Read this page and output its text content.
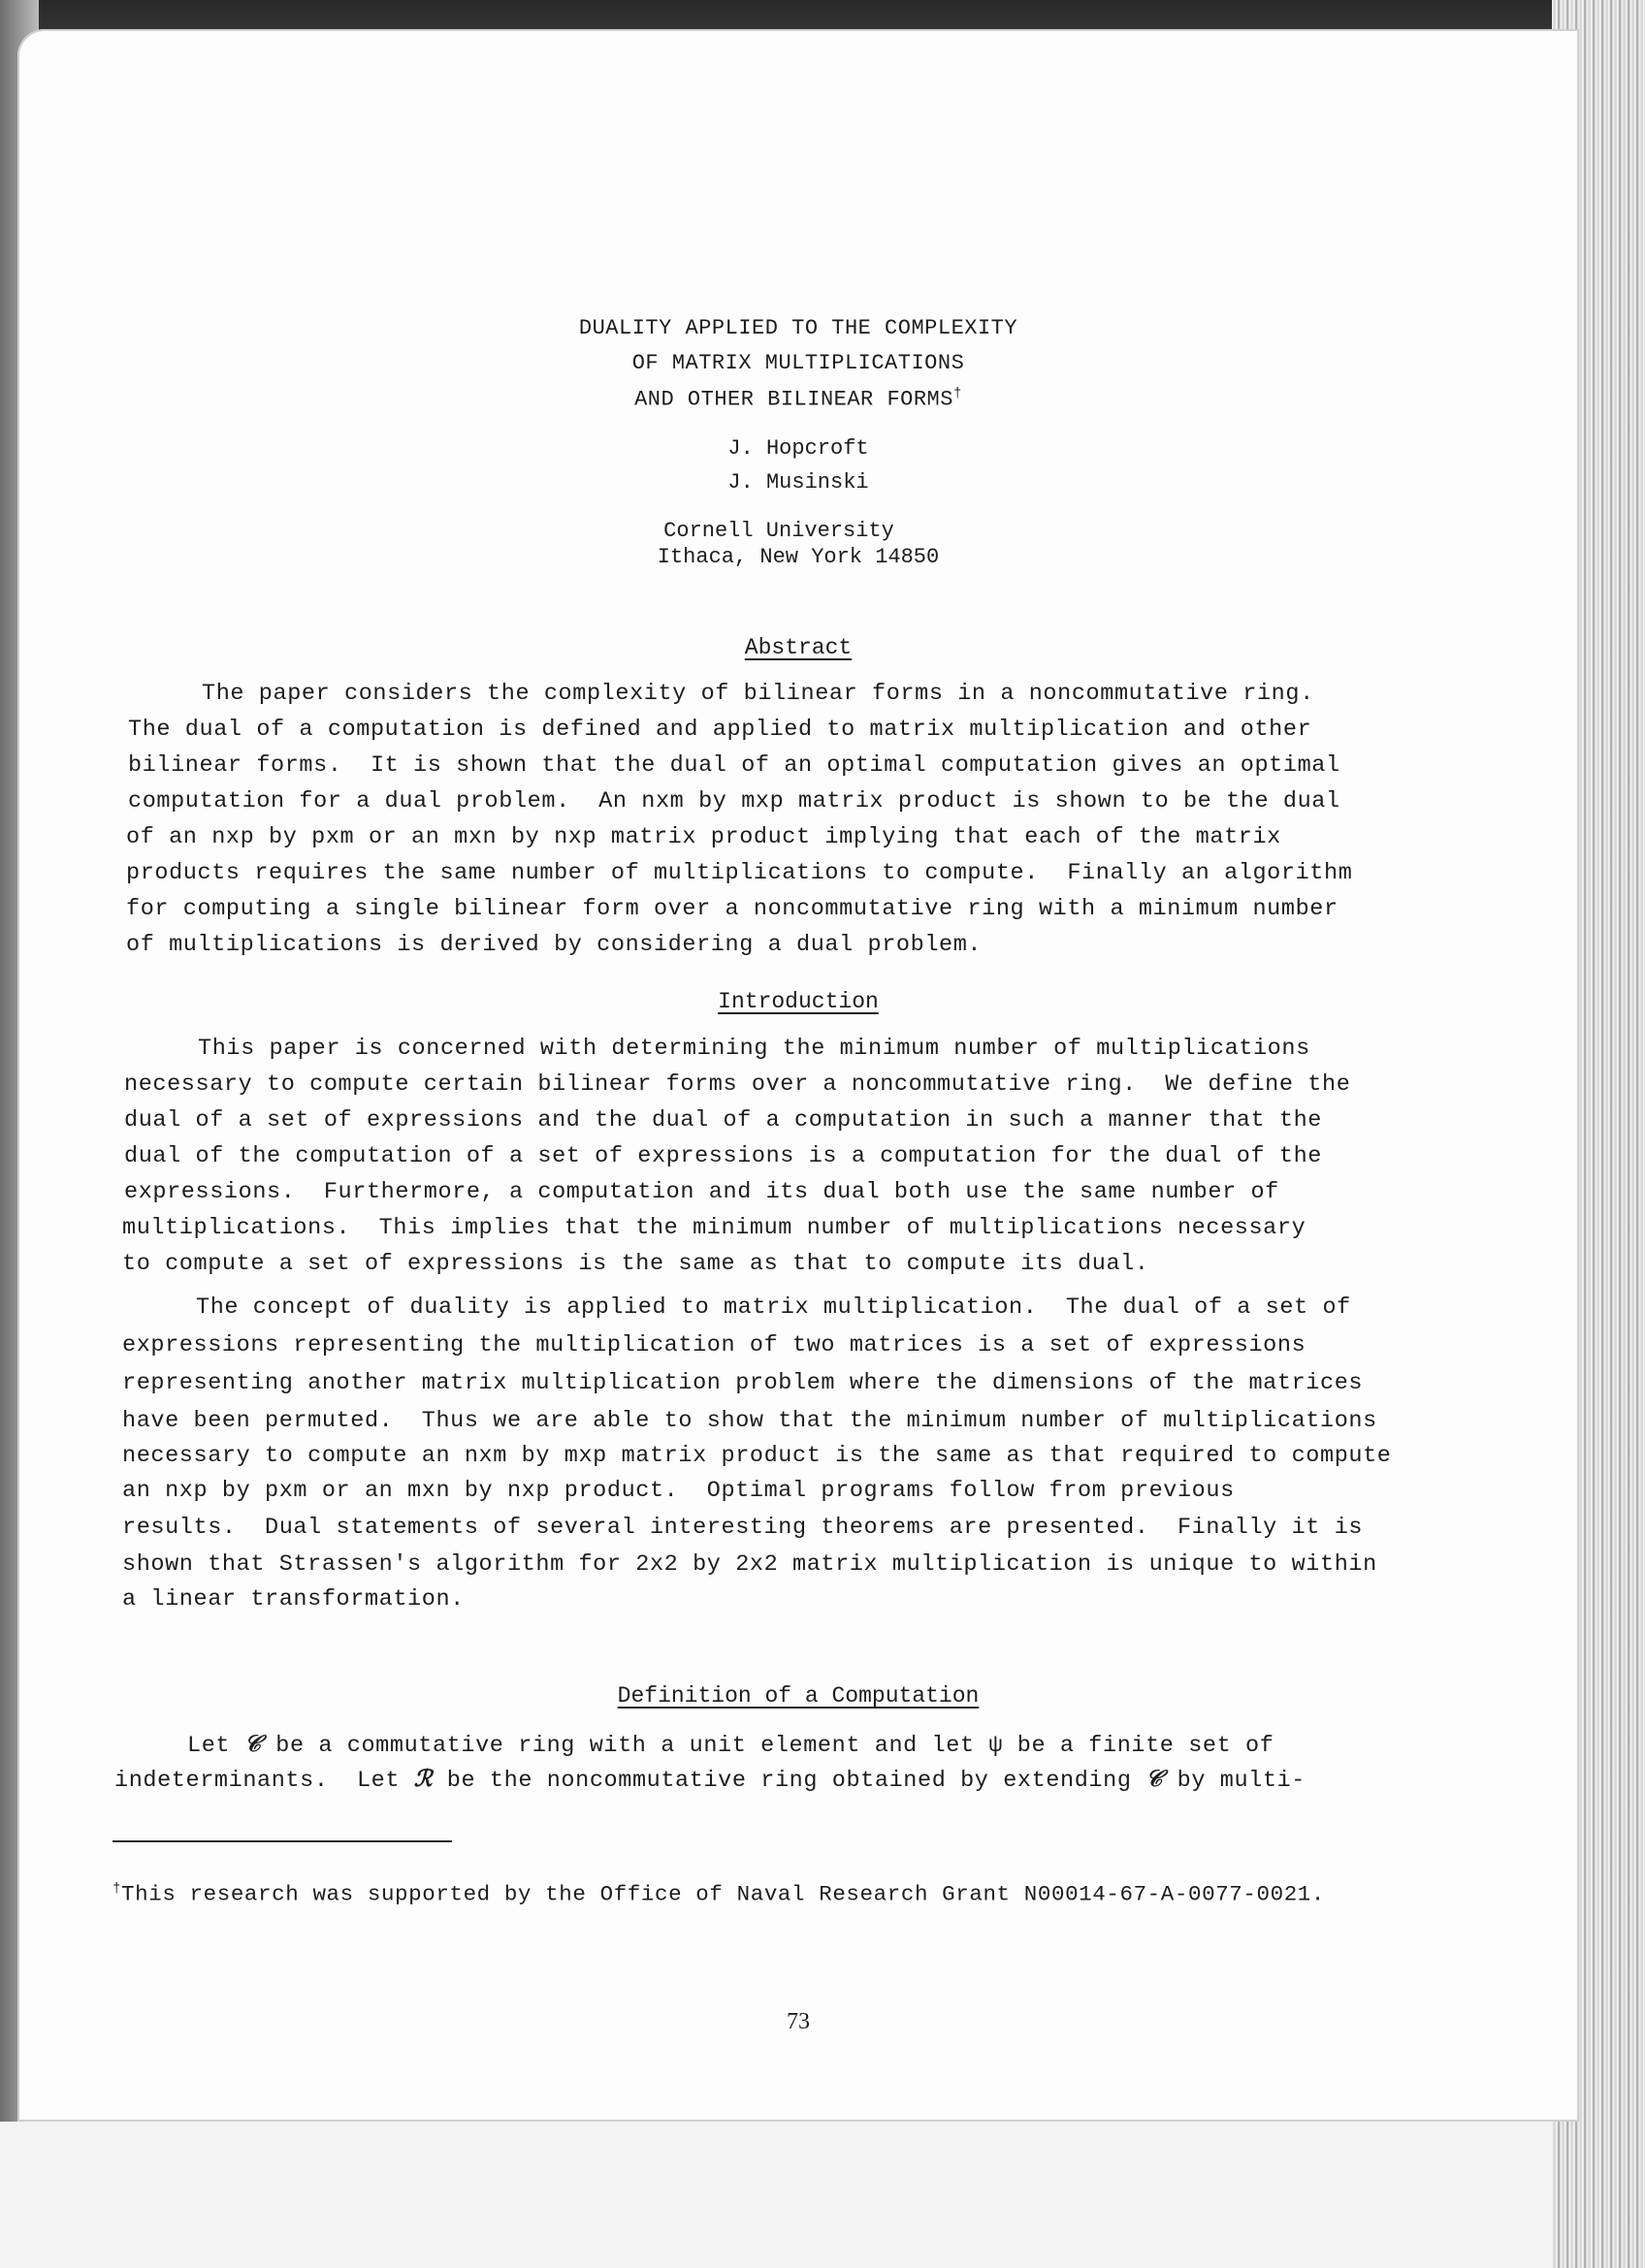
DUALITY APPLIED TO THE COMPLEXITY
OF MATRIX MULTIPLICATIONS
AND OTHER BILINEAR FORMS†
J. Hopcroft
J. Musinski
Cornell University
Ithaca, New York 14850
Abstract
The paper considers the complexity of bilinear forms in a noncommutative ring.
The dual of a computation is defined and applied to matrix multiplication and other
bilinear forms.  It is shown that the dual of an optimal computation gives an optimal
computation for a dual problem.  An nxm by mxp matrix product is shown to be the dual
of an nxp by pxm or an mxn by nxp matrix product implying that each of the matrix
products requires the same number of multiplications to compute.  Finally an algorithm
for computing a single bilinear form over a noncommutative ring with a minimum number
of multiplications is derived by considering a dual problem.
Introduction
This paper is concerned with determining the minimum number of multiplications
necessary to compute certain bilinear forms over a noncommutative ring.  We define the
dual of a set of expressions and the dual of a computation in such a manner that the
dual of the computation of a set of expressions is a computation for the dual of the
expressions.  Furthermore, a computation and its dual both use the same number of
multiplications.  This implies that the minimum number of multiplications necessary
to compute a set of expressions is the same as that to compute its dual.
The concept of duality is applied to matrix multiplication.  The dual of a set of
expressions representing the multiplication of two matrices is a set of expressions
representing another matrix multiplication problem where the dimensions of the matrices
have been permuted.  Thus we are able to show that the minimum number of multiplications
necessary to compute an nxm by mxp matrix product is the same as that required to compute
an nxp by pxm or an mxn by nxp product.  Optimal programs follow from previous
results.  Dual statements of several interesting theorems are presented.  Finally it is
shown that Strassen's algorithm for 2x2 by 2x2 matrix multiplication is unique to within
a linear transformation.
Definition of a Computation
Let 𝒞 be a commutative ring with a unit element and let ψ be a finite set of
indeterminants.  Let ℛ be the noncommutative ring obtained by extending 𝒞 by multi-
†This research was supported by the Office of Naval Research Grant N00014-67-A-0077-0021.
73
